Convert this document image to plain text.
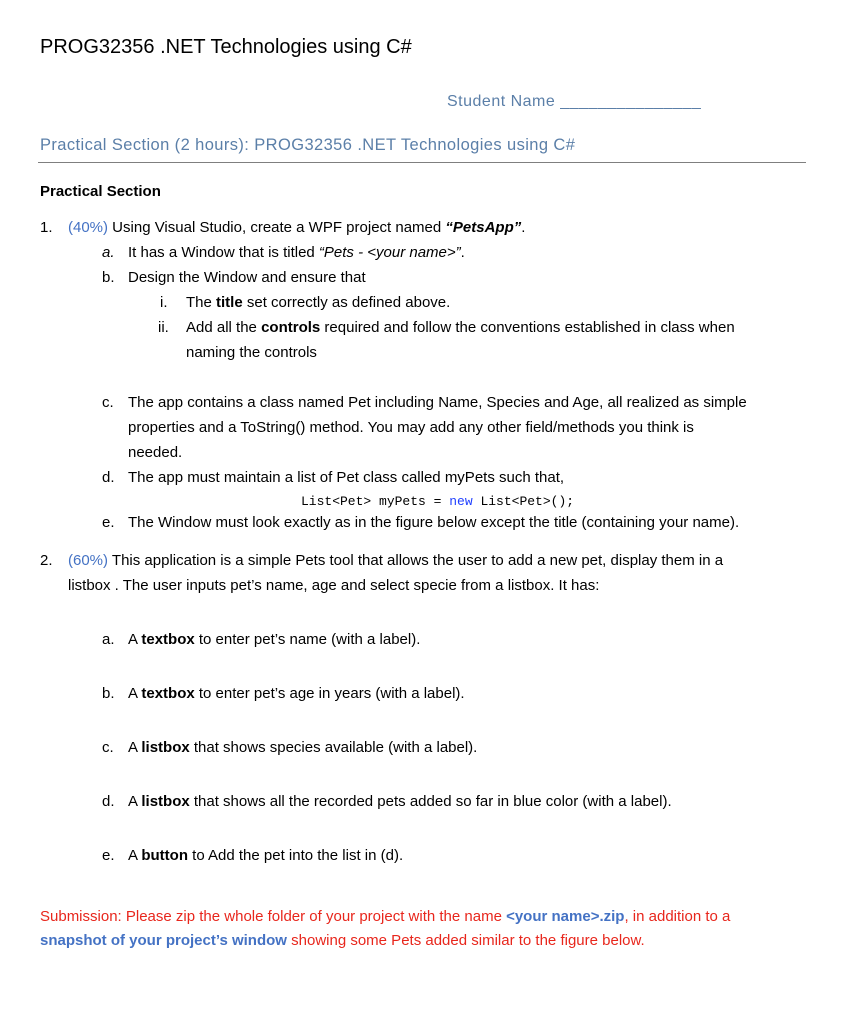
PROG32356 .NET Technologies using C#
Student Name _______________
Practical Section (2 hours): PROG32356 .NET Technologies using C#
Practical Section
1. (40%) Using Visual Studio, create a WPF project named “PetsApp”.
a. It has a Window that is titled “Pets - <your name>”.
b. Design the Window and ensure that
i. The title set correctly as defined above.
ii. Add all the controls required and follow the conventions established in class when
naming the controls
c. The app contains a class named Pet including Name, Species and Age, all realized as simple
properties and a ToString() method. You may add any other field/methods you think is
needed.
d. The app must maintain a list of Pet class called myPets such that,
List<Pet> myPets = new List<Pet>();
e. The Window must look exactly as in the figure below except the title (containing your name).
2. (60%) This application is a simple Pets tool that allows the user to add a new pet, display them in a
listbox . The user inputs pet’s name, age and select specie from a listbox. It has:
a. A textbox to enter pet’s name (with a label).
b. A textbox to enter pet’s age in years (with a label).
c. A listbox that shows species available (with a label).
d. A listbox that shows all the recorded pets added so far in blue color (with a label).
e. A button to Add the pet into the list in (d).
Submission: Please zip the whole folder of your project with the name <your name>.zip, in addition to a
snapshot of your project’s window showing some Pets added similar to the figure below.
